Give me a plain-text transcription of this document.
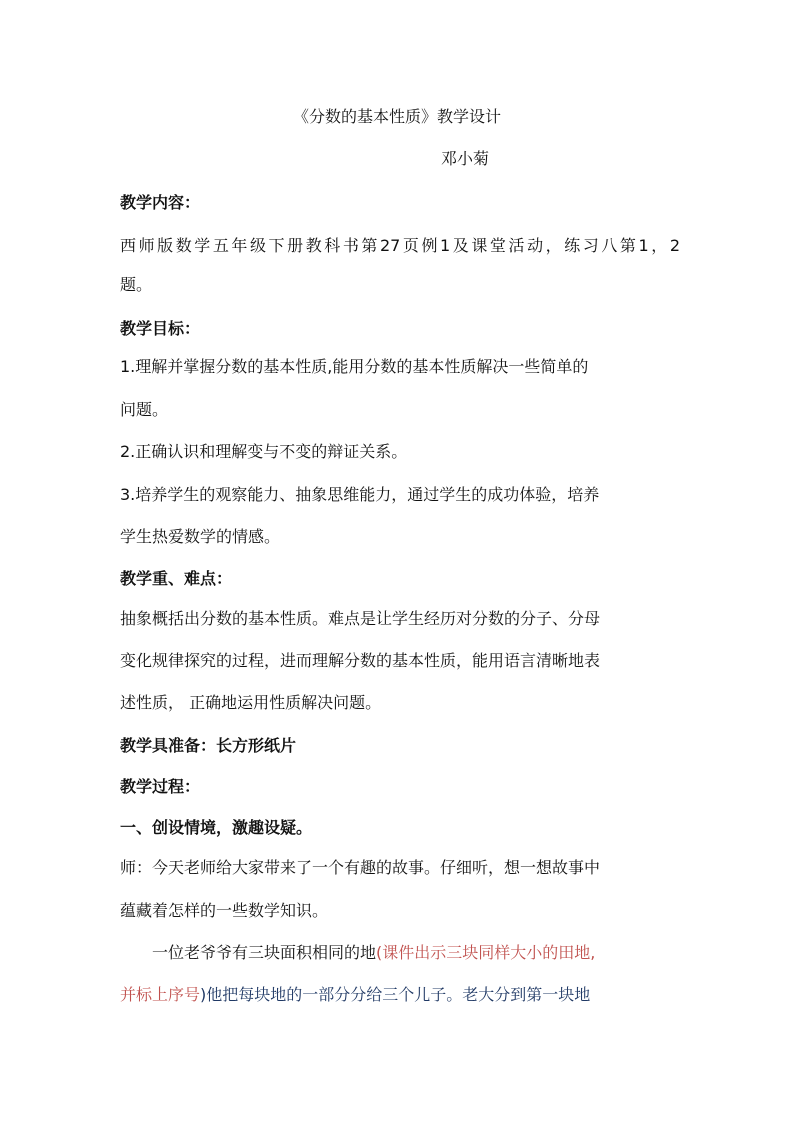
《分数的基本性质》教学设计
邓小菊
教学内容：
西师版数学五年级下册教科书第27页例1及课堂活动，练习八第1，2
题。
教学目标：
1.理解并掌握分数的基本性质,能用分数的基本性质解决一些简单的
问题。
2.正确认识和理解变与不变的辩证关系。
3.培养学生的观察能力、抽象思维能力，通过学生的成功体验，培养
学生热爱数学的情感。
教学重、难点：
抽象概括出分数的基本性质。难点是让学生经历对分数的分子、分母
变化规律探究的过程，进而理解分数的基本性质，能用语言清晰地表
述性质， 正确地运用性质解决问题。
教学具准备：长方形纸片
教学过程：
一、创设情境，激趣设疑。
师：今天老师给大家带来了一个有趣的故事。仔细听，想一想故事中
蕴藏着怎样的一些数学知识。
一位老爷爷有三块面积相同的地(课件出示三块同样大小的田地,
并标上序号)他把每块地的一部分分给三个儿子。老大分到第一块地
